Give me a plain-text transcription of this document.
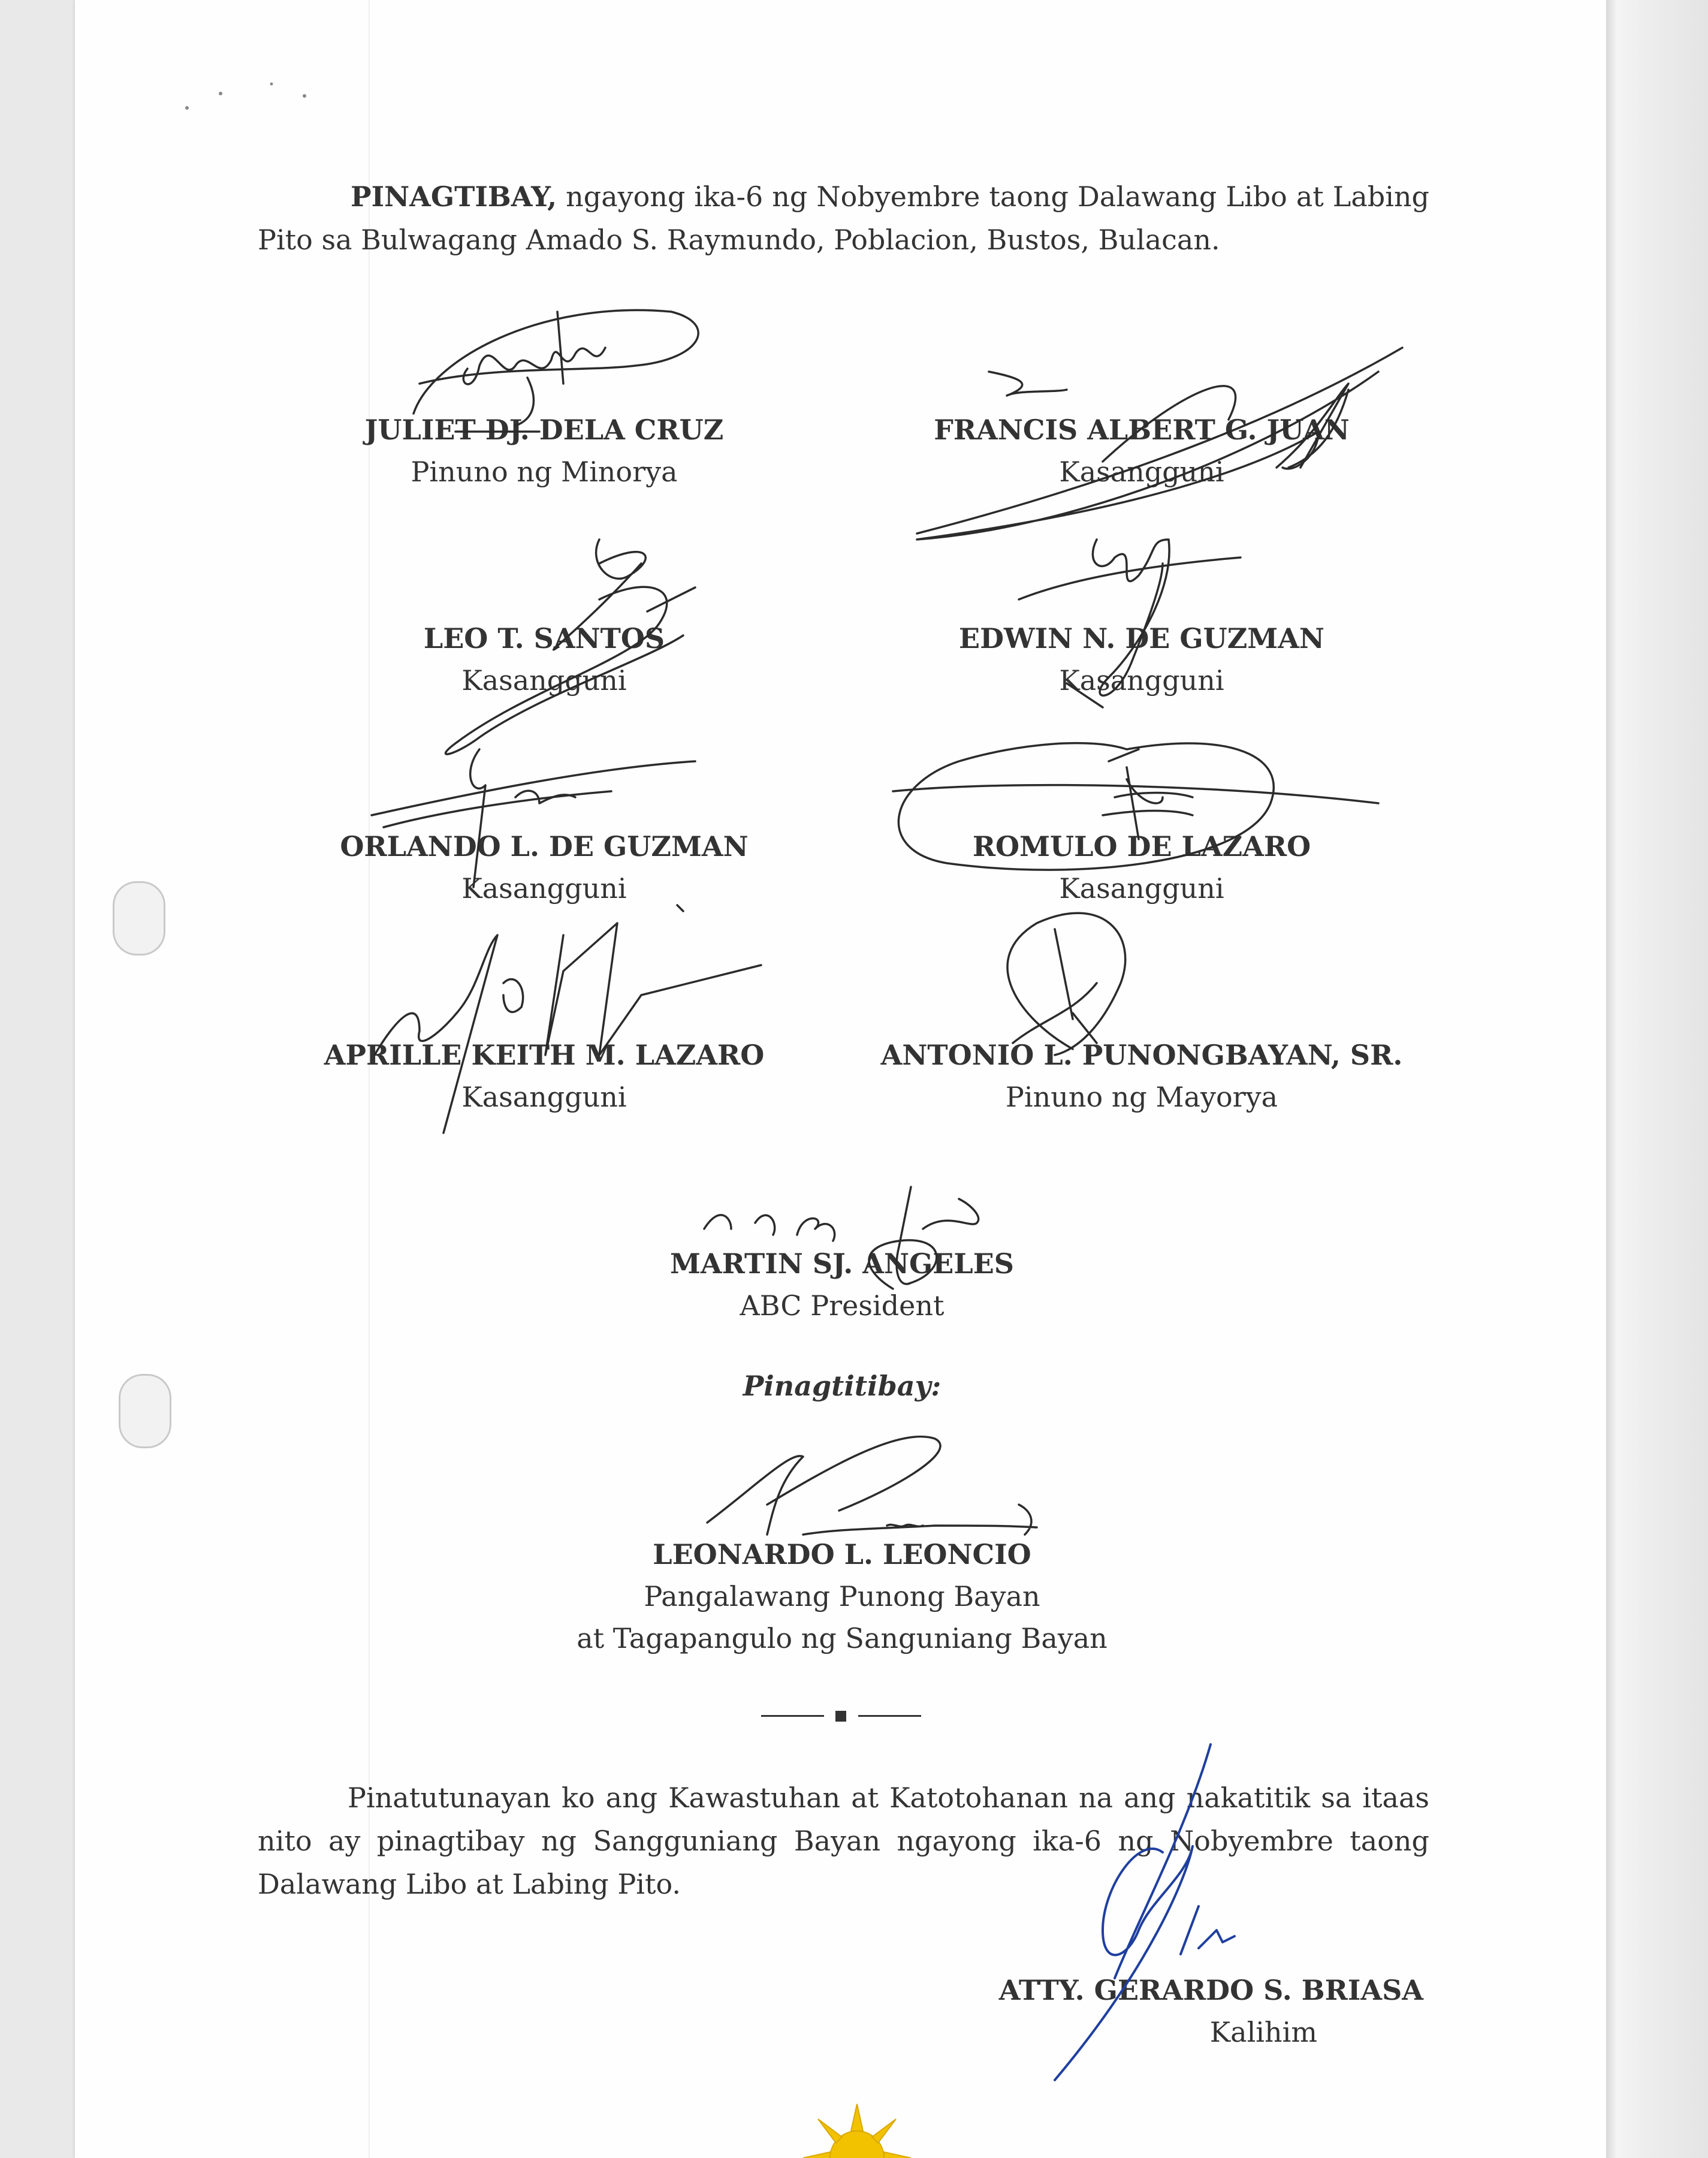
PINAGTIBAY, ngayong ika-6 ng Nobyembre taong Dalawang Libo at Labing Pito sa Bulwagang Amado S. Raymundo, Poblacion, Bustos, Bulacan.

JULIET DJ. DELA CRUZ
Pinuno ng Minorya
FRANCIS ALBERT G. JUAN
Kasangguni
LEO T. SANTOS
Kasangguni
EDWIN N. DE GUZMAN
Kasangguni
ORLANDO L. DE GUZMAN
Kasangguni
ROMULO DE LAZARO
Kasangguni
APRILLE KEITH M. LAZARO
Kasangguni
ANTONIO L. PUNONGBAYAN, SR.
Pinuno ng Mayorya
MARTIN SJ. ANGELES
ABC President
Pinagtitibay:
LEONARDO L. LEONCIO
Pangalawang Punong Bayan
at Tagapangulo ng Sanguniang Bayan

Pinatutunayan ko ang Kawastuhan at Katotohanan na ang nakatitik sa itaas nito ay pinagtibay ng Sangguniang Bayan ngayong ika-6 ng Nobyembre taong Dalawang Libo at Labing Pito.

ATTY. GERARDO S. BRIASA
Kalihim
